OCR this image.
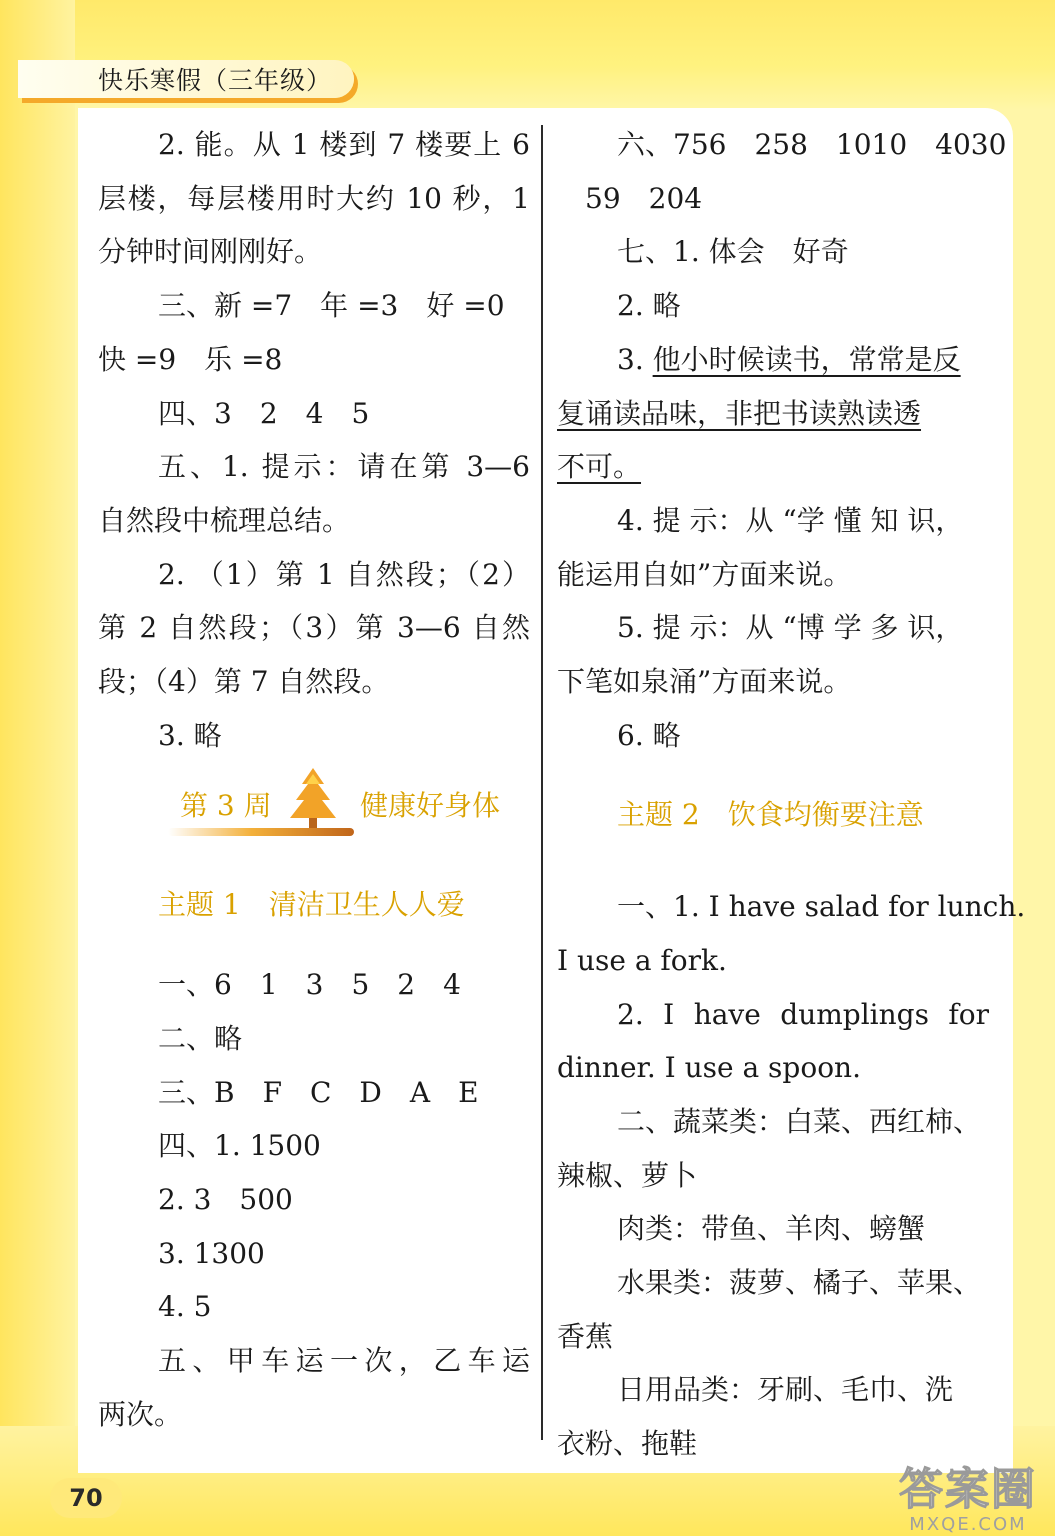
快乐寒假（三年级）

2. 能。从 1 楼到 7 楼要上 6

层楼，每层楼用时大约 10 秒，1

分钟时间刚刚好。

三、新 =7　年 =3　好 =0

快 =9　乐 =8

四、3　2　4　5

五、1. 提示：请在第 3—6

自然段中梳理总结。

2. （1）第 1 自然段；（2）

第 2 自然段；（3）第 3—6 自然

段；（4）第 7 自然段。

3. 略

第 3 周	健康好身体

主题 1　清洁卫生人人爱

一、6　1　3　5　2　4

二、略

三、B　F　C　D　A　E

四、1. 1500

2. 3　500

3. 1300

4. 5

五、甲车运一次，乙车运

两次。

六、756　258　1010　4030

59　204

七、1. 体会　好奇

2. 略

3. 他小时候读书，常常是反

复诵读品味，非把书读熟读透

不可。

4. 提 示：从 “学 懂 知 识，

能运用自如”方面来说。

5. 提 示：从 “博 学 多 识，

下笔如泉涌”方面来说。

6. 略

主题 2　饮食均衡要注意

一、1. I have salad for lunch.

I use a fork.

2. I have dumplings for

dinner. I use a spoon.

二、蔬菜类：白菜、西红柿、

辣椒、萝卜

肉类：带鱼、羊肉、螃蟹

水果类：菠萝、橘子、苹果、

香蕉

日用品类：牙刷、毛巾、洗

衣粉、拖鞋

70	答案圈
MXQE.COM
